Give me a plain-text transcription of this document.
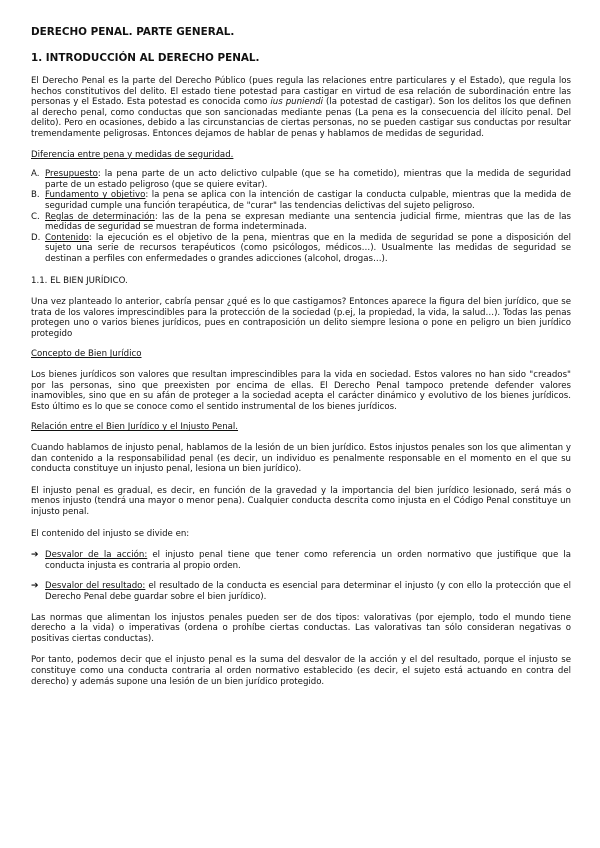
DERECHO PENAL. PARTE GENERAL.
1. INTRODUCCIÓN AL DERECHO PENAL.

El Derecho Penal es la parte del Derecho Público (pues regula las relaciones entre particulares y el Estado), que regula los hechos constitutivos del delito. El estado tiene potestad para castigar en virtud de esa relación de subordinación entre las personas y el Estado. Esta potestad es conocida como ius puniendi (la potestad de castigar). Son los delitos los que definen al derecho penal, como conductas que son sancionadas mediante penas (La pena es la consecuencia del ilícito penal. Del delito). Pero en ocasiones, debido a las circunstancias de ciertas personas, no se pueden castigar sus conductas por resultar tremendamente peligrosas. Entonces dejamos de hablar de penas y hablamos de medidas de seguridad.

Diferencia entre pena y medidas de seguridad.

A. Presupuesto: la pena parte de un acto delictivo culpable (que se ha cometido), mientras que la medida de seguridad parte de un estado peligroso (que se quiere evitar).
B. Fundamento y objetivo: la pena se aplica con la intención de castigar la conducta culpable, mientras que la medida de seguridad cumple una función terapéutica, de "curar" las tendencias delictivas del sujeto peligroso.
C. Reglas de determinación: las de la pena se expresan mediante una sentencia judicial firme, mientras que las de las medidas de seguridad se muestran de forma indeterminada.
D. Contenido: la ejecución es el objetivo de la pena, mientras que en la medida de seguridad se pone a disposición del sujeto una serie de recursos terapéuticos (como psicólogos, médicos…). Usualmente las medidas de seguridad se destinan a perfiles con enfermedades o grandes adicciones (alcohol, drogas…).
1.1. EL BIEN JURÍDICO.

Una vez planteado lo anterior, cabría pensar ¿qué es lo que castigamos? Entonces aparece la figura del bien jurídico, que se trata de los valores imprescindibles para la protección de la sociedad (p.ej, la propiedad, la vida, la salud…). Todas las penas protegen uno o varios bienes jurídicos, pues en contraposición un delito siempre lesiona o pone en peligro un bien jurídico protegido

Concepto de Bien Jurídico

Los bienes jurídicos son valores que resultan imprescindibles para la vida en sociedad. Estos valores no han sido "creados" por las personas, sino que preexisten por encima de ellas. El Derecho Penal tampoco pretende defender valores inamovibles, sino que en su afán de proteger a la sociedad acepta el carácter dinámico y evolutivo de los bienes jurídicos. Esto último es lo que se conoce como el sentido instrumental de los bienes jurídicos.

Relación entre el Bien Jurídico y el Injusto Penal.

Cuando hablamos de injusto penal, hablamos de la lesión de un bien jurídico. Estos injustos penales son los que alimentan y dan contenido a la responsabilidad penal (es decir, un individuo es penalmente responsable en el momento en el que su conducta constituye un injusto penal, lesiona un bien jurídico).

El injusto penal es gradual, es decir, en función de la gravedad y la importancia del bien jurídico lesionado, será más o menos injusto (tendrá una mayor o menor pena). Cualquier conducta descrita como injusta en el Código Penal constituye un injusto penal.

El contenido del injusto se divide en:

➔ Desvalor de la acción: el injusto penal tiene que tener como referencia un orden normativo que justifique que la conducta injusta es contraria al propio orden.
➔ Desvalor del resultado: el resultado de la conducta es esencial para determinar el injusto (y con ello la protección que el Derecho Penal debe guardar sobre el bien jurídico).

Las normas que alimentan los injustos penales pueden ser de dos tipos: valorativas (por ejemplo, todo el mundo tiene derecho a la vida) o imperativas (ordena o prohíbe ciertas conductas. Las valorativas tan sólo consideran negativas o positivas ciertas conductas).

Por tanto, podemos decir que el injusto penal es la suma del desvalor de la acción y el del resultado, porque el injusto se constituye como una conducta contraria al orden normativo establecido (es decir, el sujeto está actuando en contra del derecho) y además supone una lesión de un bien jurídico protegido.
